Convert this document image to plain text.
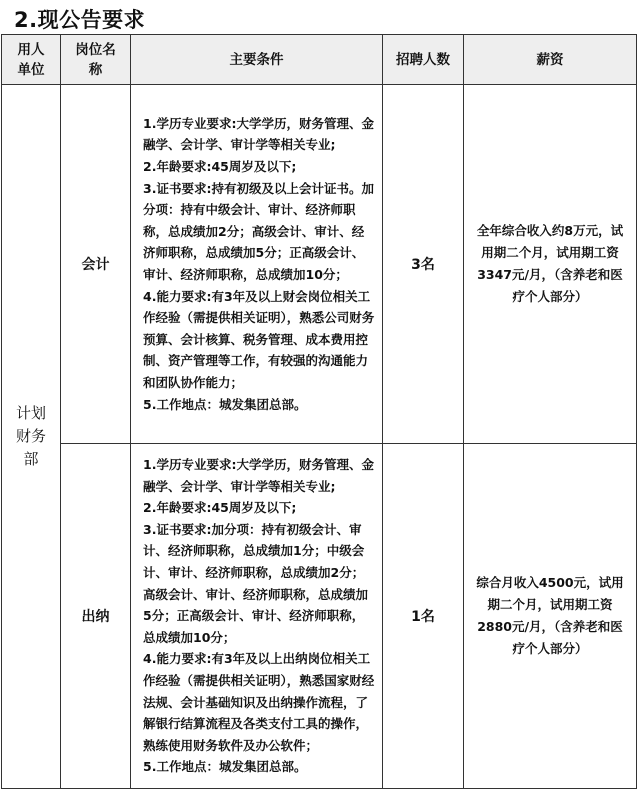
2.现公告要求
用人单位	岗位名称	主要条件	招聘人数	薪资
计划财务部	会计	1.学历专业要求:大学学历，财务管理、金融学、会计学、审计学等相关专业;
2.年龄要求:45周岁及以下;
3.证书要求:持有初级及以上会计证书。加分项：持有中级会计、审计、经济师职称，总成绩加2分；高级会计、审计、经济师职称，总成绩加5分；正高级会计、审计、经济师职称，总成绩加10分；
4.能力要求:有3年及以上财会岗位相关工作经验（需提供相关证明），熟悉公司财务预算、会计核算、税务管理、成本费用控制、资产管理等工作，有较强的沟通能力和团队协作能力；
5.工作地点：城发集团总部。	3名	全年综合收入约8万元，试用期二个月，试用期工资3347元/月，（含养老和医疗个人部分）
	出纳	1.学历专业要求:大学学历，财务管理、金融学、会计学、审计学等相关专业;
2.年龄要求:45周岁及以下;
3.证书要求:加分项：持有初级会计、审计、经济师职称，总成绩加1分；中级会计、审计、经济师职称，总成绩加2分；高级会计、审计、经济师职称，总成绩加5分；正高级会计、审计、经济师职称，总成绩加10分；
4.能力要求:有3年及以上出纳岗位相关工作经验（需提供相关证明），熟悉国家财经法规、会计基础知识及出纳操作流程，了解银行结算流程及各类支付工具的操作，熟练使用财务软件及办公软件；
5.工作地点：城发集团总部。	1名	综合月收入4500元，试用期二个月，试用期工资2880元/月，（含养老和医疗个人部分）
